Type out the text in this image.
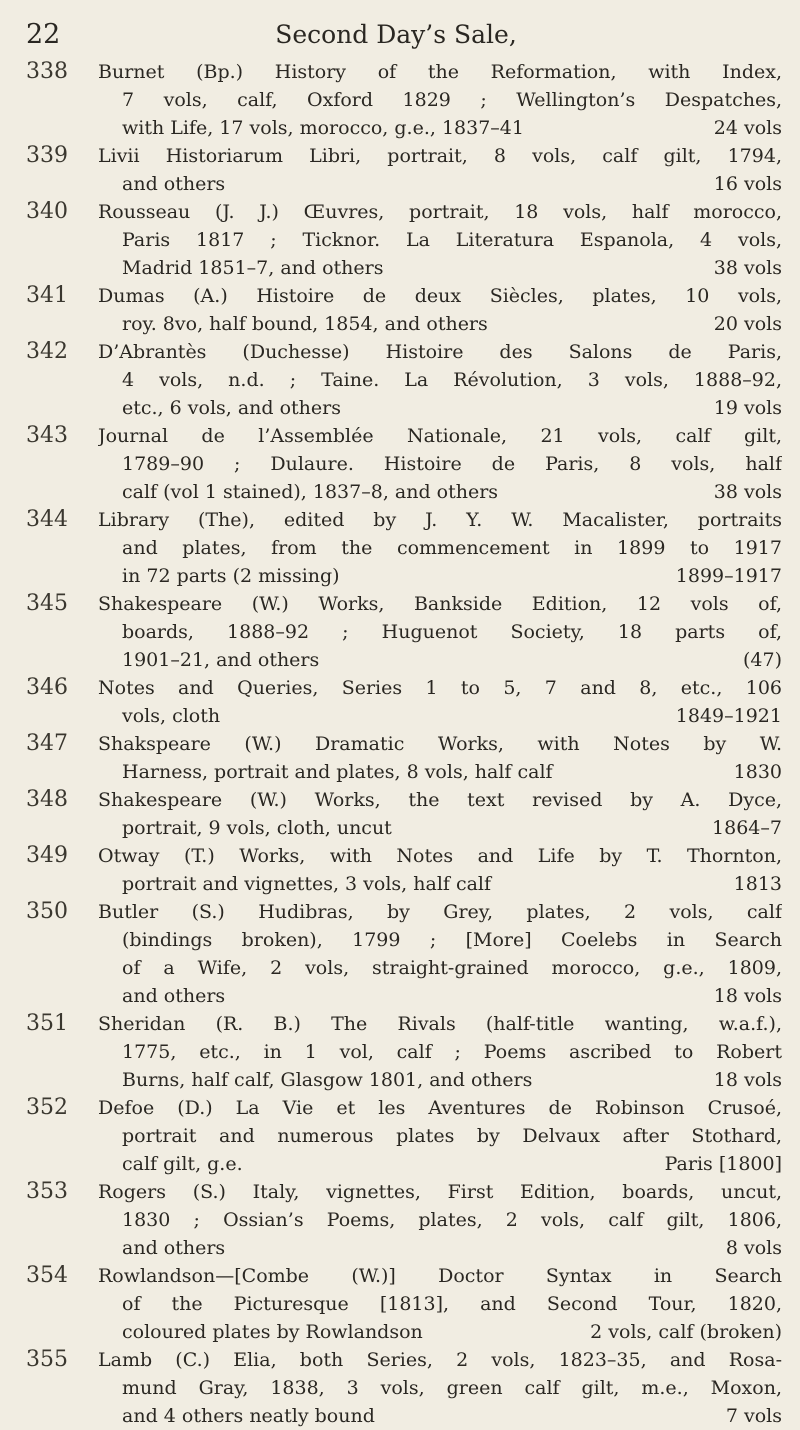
22	Second Day’s Sale,
338 Burnet (Bp.) History of the Reformation, with Index,
7 vols, calf, Oxford 1829 ; Wellington’s Despatches,
with Life, 17 vols, morocco, g.e., 1837–41	24 vols
339 Livii Historiarum Libri, portrait, 8 vols, calf gilt, 1794,
and others	16 vols
340 Rousseau (J. J.) Œuvres, portrait, 18 vols, half morocco,
Paris 1817 ; Ticknor. La Literatura Espanola, 4 vols,
Madrid 1851–7, and others	38 vols
341 Dumas (A.) Histoire de deux Siècles, plates, 10 vols,
roy. 8vo, half bound, 1854, and others	20 vols
342 D’Abrantès (Duchesse) Histoire des Salons de Paris,
4 vols, n.d. ; Taine. La Révolution, 3 vols, 1888–92,
etc., 6 vols, and others	19 vols
343 Journal de l’Assemblée Nationale, 21 vols, calf gilt,
1789–90 ; Dulaure. Histoire de Paris, 8 vols, half
calf (vol 1 stained), 1837–8, and others	38 vols
344 Library (The), edited by J. Y. W. Macalister, portraits
and plates, from the commencement in 1899 to 1917
in 72 parts (2 missing)	1899–1917
345 Shakespeare (W.) Works, Bankside Edition, 12 vols of,
boards, 1888–92 ; Huguenot Society, 18 parts of,
1901–21, and others	(47)
346 Notes and Queries, Series 1 to 5, 7 and 8, etc., 106
vols, cloth	1849–1921
347 Shakspeare (W.) Dramatic Works, with Notes by W.
Harness, portrait and plates, 8 vols, half calf	1830
348 Shakespeare (W.) Works, the text revised by A. Dyce,
portrait, 9 vols, cloth, uncut	1864–7
349 Otway (T.) Works, with Notes and Life by T. Thornton,
portrait and vignettes, 3 vols, half calf	1813
350 Butler (S.) Hudibras, by Grey, plates, 2 vols, calf
(bindings broken), 1799 ; [More] Coelebs in Search
of a Wife, 2 vols, straight-grained morocco, g.e., 1809,
and others	18 vols
351 Sheridan (R. B.) The Rivals (half-title wanting, w.a.f.),
1775, etc., in 1 vol, calf ; Poems ascribed to Robert
Burns, half calf, Glasgow 1801, and others	18 vols
352 Defoe (D.) La Vie et les Aventures de Robinson Crusoé,
portrait and numerous plates by Delvaux after Stothard,
calf gilt, g.e.	Paris [1800]
353 Rogers (S.) Italy, vignettes, First Edition, boards, uncut,
1830 ; Ossian’s Poems, plates, 2 vols, calf gilt, 1806,
and others	8 vols
354 Rowlandson—[Combe (W.)] Doctor Syntax in Search
of the Picturesque [1813], and Second Tour, 1820,
coloured plates by Rowlandson	2 vols, calf (broken)
355 Lamb (C.) Elia, both Series, 2 vols, 1823–35, and Rosa-
mund Gray, 1838, 3 vols, green calf gilt, m.e., Moxon,
and 4 others neatly bound	7 vols
